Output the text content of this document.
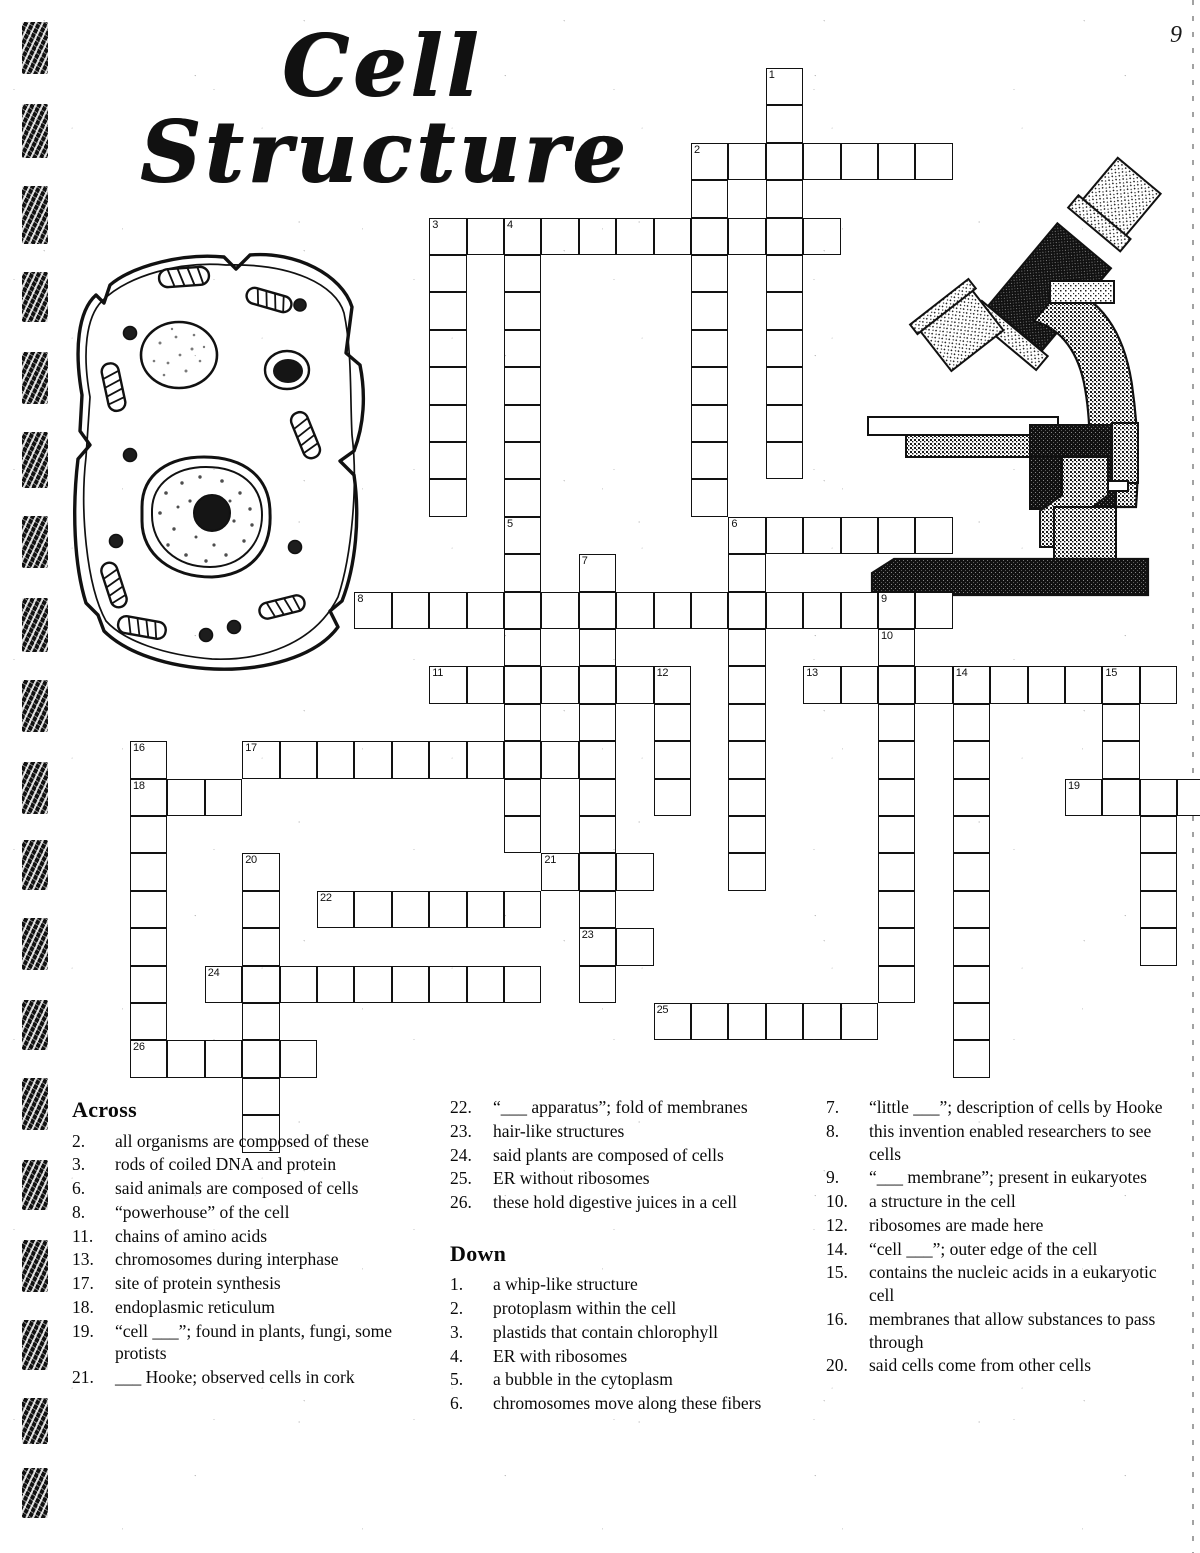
9
Cell
Structure
1
2
3	4
5	6
7
23
8	9
10
11	13	14	15
12
16
18
26
17
19
20	21
22
24
25
Across
2.	all organisms are composed of these
3.	rods of coiled DNA and protein
6.	said animals are composed of cells
8.	“powerhouse” of the cell
11.	chains of amino acids
13.	chromosomes during interphase
17.	site of protein synthesis
18.	endoplasmic reticulum
19.	“cell ___”; found in plants, fungi, some protists
21.	___ Hooke; observed cells in cork
22.	“___ apparatus”; fold of membranes
23.	hair-like structures
24.	said plants are composed of cells
25.	ER without ribosomes
26.	these hold digestive juices in a cell
Down
1.	a whip-like structure
2.	protoplasm within the cell
3.	plastids that contain chlorophyll
4.	ER with ribosomes
5.	a bubble in the cytoplasm
6.	chromosomes move along these fibers
7.	“little ___”; description of cells by Hooke
8.	this invention enabled researchers to see cells
9.	“___ membrane”; present in eukaryotes
10.	a structure in the cell
12.	ribosomes are made here
14.	“cell ___”; outer edge of the cell
15.	contains the nucleic acids in a eukaryotic cell
16.	membranes that allow substances to pass through
20.	said cells come from other cells
